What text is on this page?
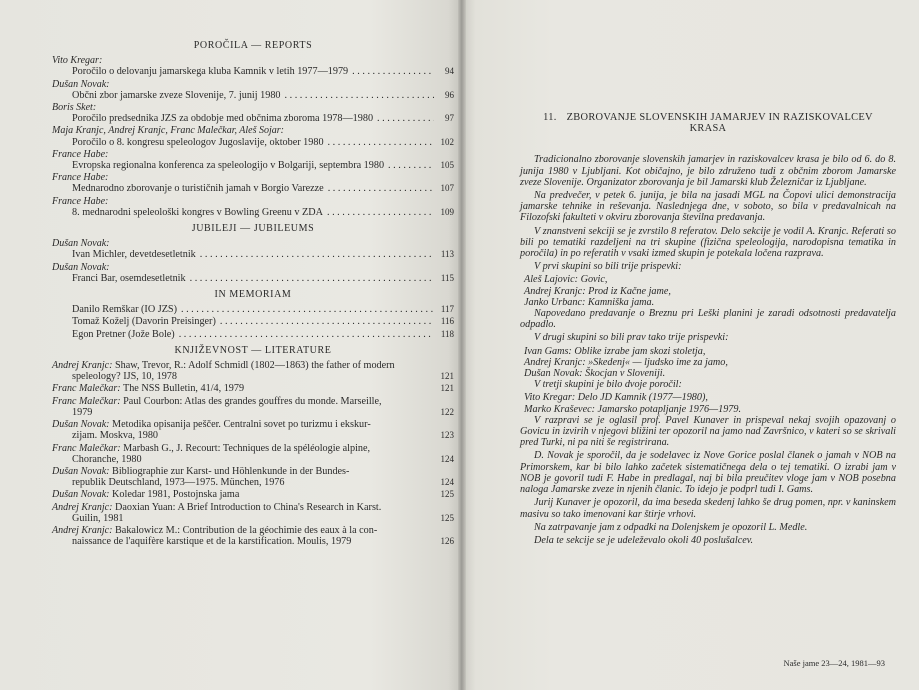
POROČILA — REPORTS
Vito Kregar:
Poročilo o delovanju jamarskega kluba Kamnik v letih 1977—1979 . . .	94
Dušan Novak:
Občni zbor jamarske zveze Slovenije, 7. junij 1980 . . .	96
Boris Sket:
Poročilo predsednika JZS za obdobje med občnima zboroma 1978—1980 . . .	97
Maja Kranjc, Andrej Kranjc, Franc Malečkar, Aleš Sojar:
Poročilo o 8. kongresu speleologov Jugoslavije, oktober 1980 . . .	102
France Habe:
Evropska regionalna konferenca za speleologijo v Bolgariji, septembra 1980 . . .	105
France Habe:
Mednarodno zborovanje o turističnih jamah v Borgio Varezze . . .	107
France Habe:
8. mednarodni speleološki kongres v Bowling Greenu v ZDA . . .	109
JUBILEJI — JUBILEUMS
Dušan Novak:
Ivan Michler, devetdesetletnik . . .	113
Dušan Novak:
Franci Bar, osemdesetletnik . . .	115
IN MEMORIAM
Danilo Remškar (IO JZS) . . .	117
Tomaž Koželj (Davorin Preisinger) . . .	116
Egon Pretner (Jože Bole) . . .	118
KNJIŽEVNOST — LITERATURE
Andrej Kranjc: Shaw, Trevor, R.: Adolf Schmidl (1802—1863) the father of modern
speleology? IJS, 10, 1978	121
Franc Malečkar: The NSS Bulletin, 41/4, 1979	121
Franc Malečkar: Paul Courbon: Atlas des grandes gouffres du monde. Marseille,
1979	122
Dušan Novak: Metodika opisanija peščer. Centralni sovet po turizmu i ekskur-
zijam. Moskva, 1980	123
Franc Malečkar: Marbash G., J. Recourt: Techniques de la spéléologie alpine,
Choranche, 1980	124
Dušan Novak: Bibliographie zur Karst- und Höhlenkunde in der Bundes-
republik Deutschland, 1973—1975. München, 1976	124
Dušan Novak: Koledar 1981, Postojnska jama	125
Andrej Kranjc: Daoxian Yuan: A Brief Introduction to China's Research in Karst.
Guilin, 1981	125
Andrej Kranjc: Bakalowicz M.: Contribution de la géochimie des eaux à la con-
naissance de l'aquifère karstique et de la karstification. Moulis, 1979	126
11. ZBOROVANJE SLOVENSKIH JAMARJEV IN RAZISKOVALCEV
KRASA

Tradicionalno zborovanje slovenskih jamarjev in raziskovalcev krasa je bilo od 6. do 8. junija 1980 v Ljubljani. Kot običajno, je bilo združeno tudi z občnim zborom Jamarske zveze Slovenije. Organizator zborovanja je bil Jamarski klub Železničar iz Ljubljane.

Na predvečer, v petek 6. junija, je bila na jasadi MGL na Čopovi ulici demonstracija jamarske tehnike in reševanja. Naslednjega dne, v soboto, so bila v predavalnicah na Filozofski fakulteti v okviru zborovanja številna predavanja.

V znanstveni sekciji se je zvrstilo 8 referatov. Delo sekcije je vodil A. Kranjc. Referati so bili po tematiki razdeljeni na tri skupine (fizična speleologija, narodopisna tematika in poročila) in po referatih v vsaki izmed skupin je potekala ločena razprava.

V prvi skupini so bili trije prispevki:

Aleš Lajovic: Govic,
Andrej Kranjc: Prod iz Kačne jame,
Janko Urbanc: Kamniška jama.

Napovedano predavanje o Breznu pri Leški planini je zaradi odsotnosti predavatelja odpadlo.

V drugi skupini so bili prav tako trije prispevki:

Ivan Gams: Oblike izrabe jam skozi stoletja,
Andrej Kranjc: »Skedenj« — ljudsko ime za jamo,
Dušan Novak: Škocjan v Sloveniji.

V tretji skupini je bilo dvoje poročil:

Vito Kregar: Delo JD Kamnik (1977—1980),
Marko Kraševec: Jamarsko potapljanje 1976—1979.

V razpravi se je oglasil prof. Pavel Kunaver in prispeval nekaj svojih opazovanj o Govicu in izvirih v njegovi bližini ter opozoril na jamo nad Završnico, v kateri so se skrivali pred Turki, ni pa niti še registrirana.

D. Novak je sporočil, da je sodelavec iz Nove Gorice poslal članek o jamah v NOB na Primorskem, kar bi bilo lahko začetek sistematičnega dela o tej tematiki. O izrabi jam v NOB je govoril tudi F. Habe in predlagal, naj bi bila preučitev vloge jam v NOB posebna naloga Jamarske zveze in njenih članic. To idejo je podprl tudi I. Gams.

Jurij Kunaver je opozoril, da ima beseda skedenj lahko še drug pomen, npr. v kaninskem masivu so tako imenovani kar štirje vrhovi.

Na zatrpavanje jam z odpadki na Dolenjskem je opozoril L. Medle.

Dela te sekcije se je udeleževalo okoli 40 poslušalcev.

Naše jame 23—24, 1981—93
